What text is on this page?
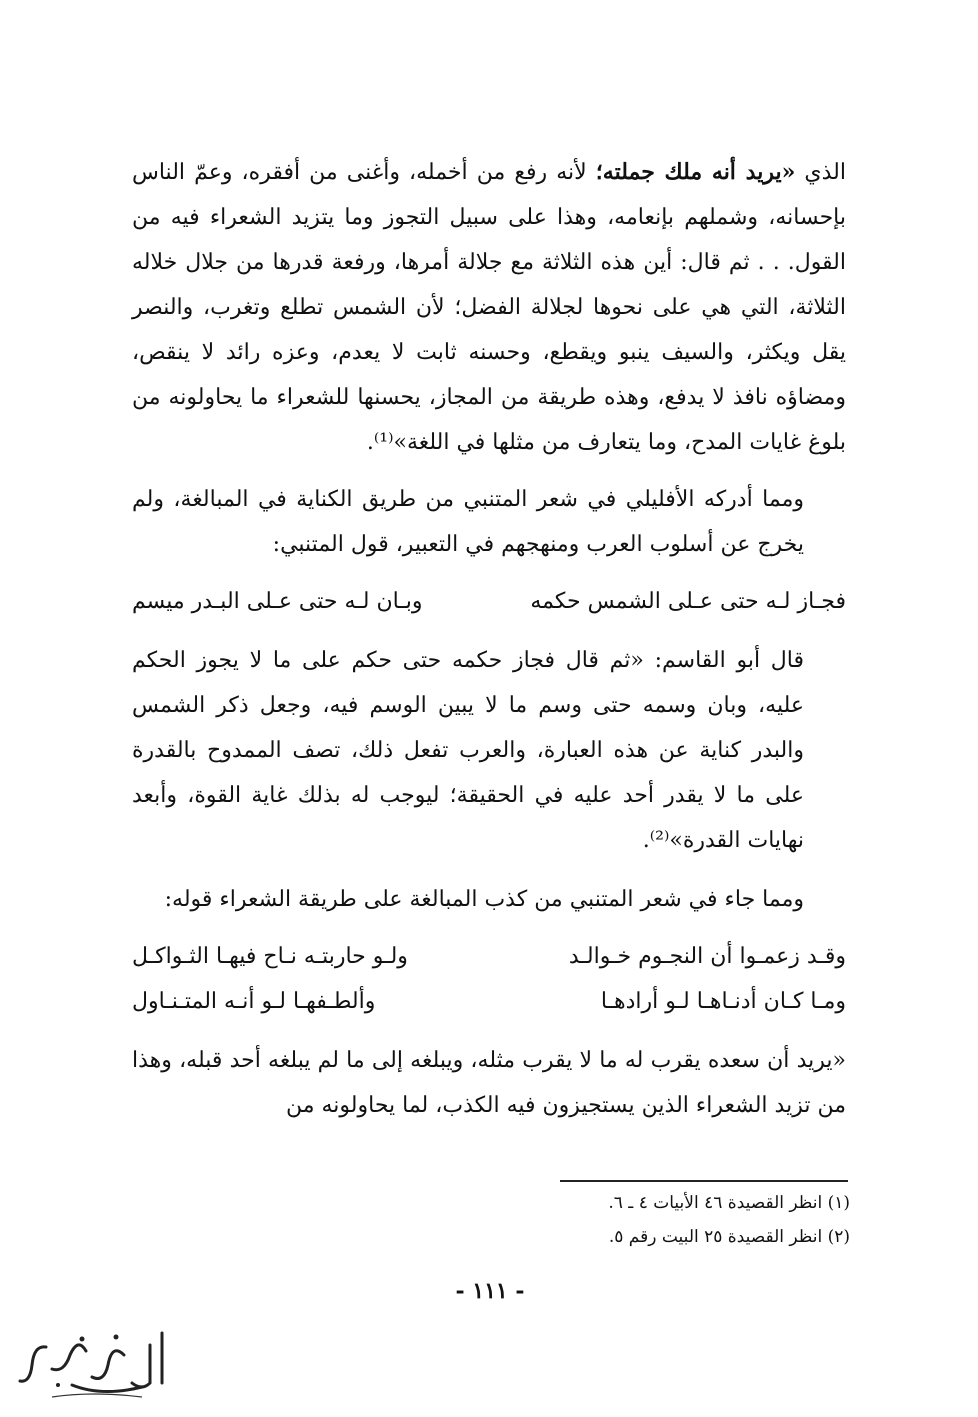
الذي «يريد أنه ملك جملته؛ لأنه رفع من أخمله، وأغنى من أفقره، وعمّ الناس بإحسانه، وشملهم بإنعامه، وهذا على سبيل التجوز وما يتزيد الشعراء فيه من القول. . . ثم قال: أين هذه الثلاثة مع جلالة أمرها، ورفعة قدرها من جلال خلاله الثلاثة، التي هي على نحوها لجلالة الفضل؛ لأن الشمس تطلع وتغرب، والنصر يقل ويكثر، والسيف ينبو ويقطع، وحسنه ثابت لا يعدم، وعزه رائد لا ينقص، ومضاؤه نافذ لا يدفع، وهذه طريقة من المجاز، يحسنها للشعراء ما يحاولونه من بلوغ غايات المدح، وما يتعارف من مثلها في اللغة»⁽¹⁾.

ومما أدركه الأفليلي في شعر المتنبي من طريق الكناية في المبالغة، ولم يخرج عن أسلوب العرب ومنهجهم في التعبير، قول المتنبي:

فجـاز لـه حتى عـلى الشمس حكمه
وبـان لـه حتى عـلى البـدر ميسم

قال أبو القاسم: «ثم قال فجاز حكمه حتى حكم على ما لا يجوز الحكم عليه، وبان وسمه حتى وسم ما لا يبين الوسم فيه، وجعل ذكر الشمس والبدر كناية عن هذه العبارة، والعرب تفعل ذلك، تصف الممدوح بالقدرة على ما لا يقدر أحد عليه في الحقيقة؛ ليوجب له بذلك غاية القوة، وأبعد نهايات القدرة»⁽²⁾.

ومما جاء في شعر المتنبي من كذب المبالغة على طريقة الشعراء قوله:

وقـد زعمـوا أن النجـوم خـوالـد
ولـو حاربتـه نـاح فيهـا الثـواكـل
ومـا كـان أدنـاهـا لـو أرادهـا
وألطـفهـا لـو أنـه المتـنـاول

«يريد أن سعده يقرب له ما لا يقرب مثله، ويبلغه إلى ما لم يبلغه أحد قبله، وهذا من تزيد الشعراء الذين يستجيزون فيه الكذب، لما يحاولونه من

(١) انظر القصيدة ٤٦ الأبيات ٤ ـ ٦.
(٢) انظر القصيدة ٢٥ البيت رقم ٥.
- ١١١ -
